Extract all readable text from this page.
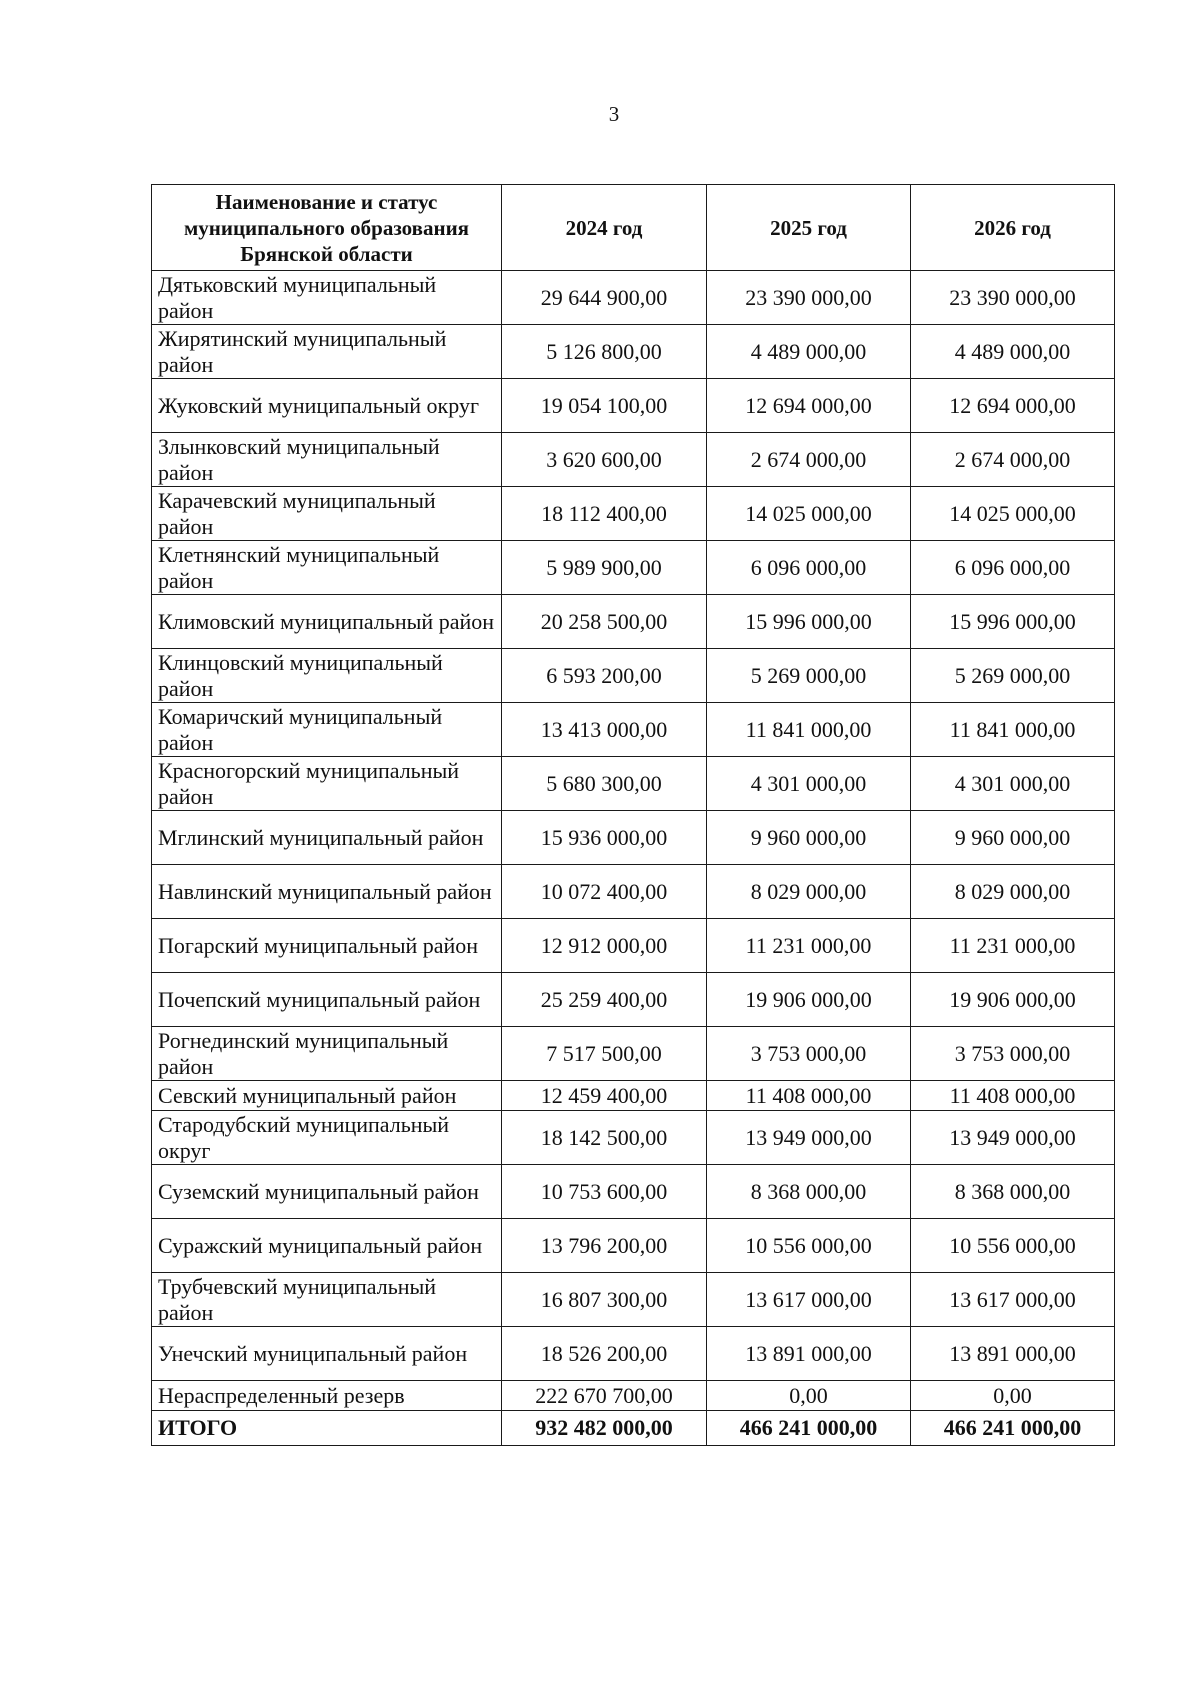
3
Наименование и статус муниципального образования Брянской области	2024 год	2025 год	2026 год
Дятьковский муниципальный район	29 644 900,00	23 390 000,00	23 390 000,00
Жирятинский муниципальный район	5 126 800,00	4 489 000,00	4 489 000,00
Жуковский муниципальный округ	19 054 100,00	12 694 000,00	12 694 000,00
Злынковский муниципальный район	3 620 600,00	2 674 000,00	2 674 000,00
Карачевский муниципальный район	18 112 400,00	14 025 000,00	14 025 000,00
Клетнянский муниципальный район	5 989 900,00	6 096 000,00	6 096 000,00
Климовский муниципальный район	20 258 500,00	15 996 000,00	15 996 000,00
Клинцовский муниципальный район	6 593 200,00	5 269 000,00	5 269 000,00
Комаричский муниципальный район	13 413 000,00	11 841 000,00	11 841 000,00
Красногорский муниципальный район	5 680 300,00	4 301 000,00	4 301 000,00
Мглинский муниципальный район	15 936 000,00	9 960 000,00	9 960 000,00
Навлинский муниципальный район	10 072 400,00	8 029 000,00	8 029 000,00
Погарский муниципальный район	12 912 000,00	11 231 000,00	11 231 000,00
Почепский муниципальный район	25 259 400,00	19 906 000,00	19 906 000,00
Рогнединский муниципальный район	7 517 500,00	3 753 000,00	3 753 000,00
Севский муниципальный район	12 459 400,00	11 408 000,00	11 408 000,00
Стародубский муниципальный округ	18 142 500,00	13 949 000,00	13 949 000,00
Суземский муниципальный район	10 753 600,00	8 368 000,00	8 368 000,00
Суражский муниципальный район	13 796 200,00	10 556 000,00	10 556 000,00
Трубчевский муниципальный район	16 807 300,00	13 617 000,00	13 617 000,00
Унечский муниципальный район	18 526 200,00	13 891 000,00	13 891 000,00
Нераспределенный резерв	222 670 700,00	0,00	0,00
ИТОГО	932 482 000,00	466 241 000,00	466 241 000,00
